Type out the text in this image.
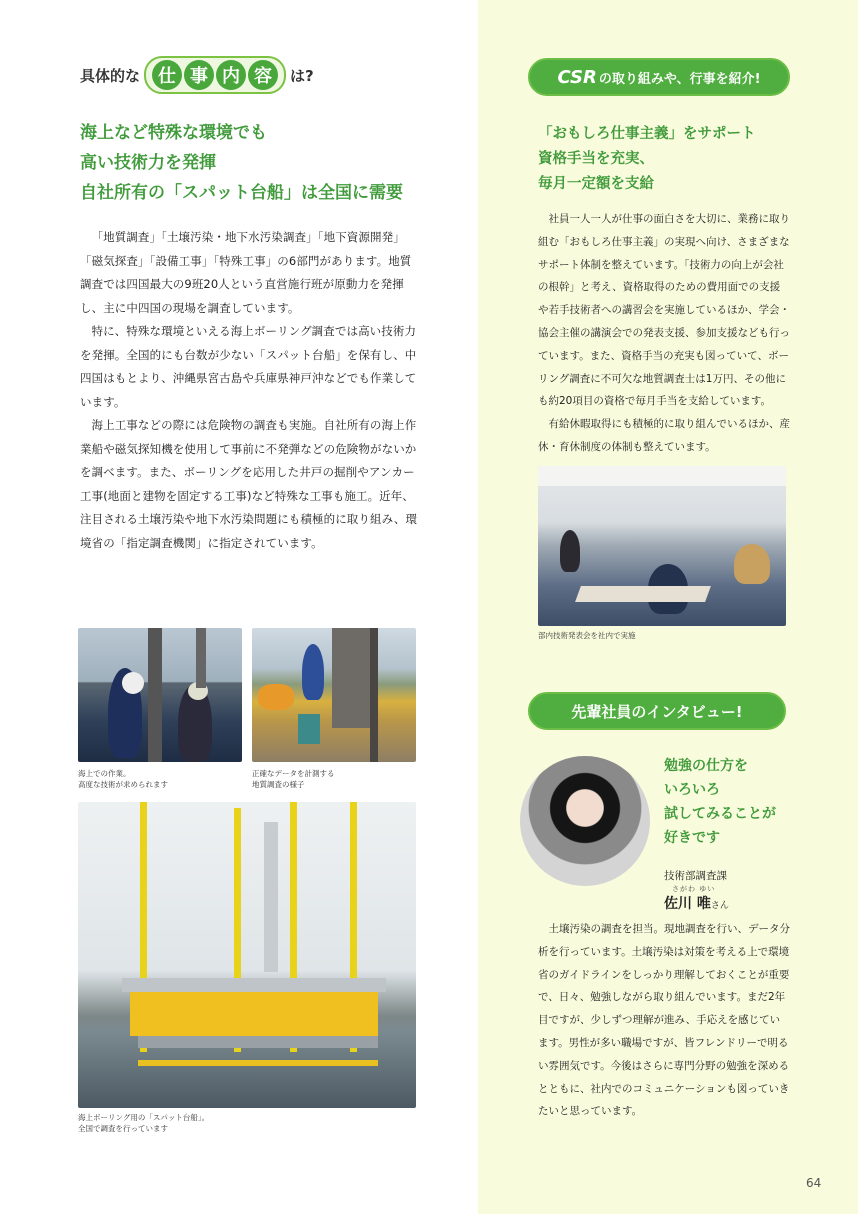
具体的な	仕 事 内 容	は?
海上など特殊な環境でも
高い技術力を発揮
自社所有の「スパット台船」は全国に需要

「地質調査」「土壌汚染・地下水汚染調査」「地下資源開発」「磁気探査」「設備工事」「特殊工事」の6部門があります。地質調査では四国最大の9班20人という直営施行班が原動力を発揮し、主に中四国の現場を調査しています。

特に、特殊な環境といえる海上ボーリング調査では高い技術力を発揮。全国的にも台数が少ない「スパット台船」を保有し、中四国はもとより、沖縄県宮古島や兵庫県神戸沖などでも作業しています。

海上工事などの際には危険物の調査も実施。自社所有の海上作業船や磁気探知機を使用して事前に不発弾などの危険物がないかを調べます。また、ボーリングを応用した井戸の掘削やアンカー工事(地面と建物を固定する工事)など特殊な工事も施工。近年、注目される土壌汚染や地下水汚染問題にも積極的に取り組み、環境省の「指定調査機関」に指定されています。

海上での作業。
高度な技術が求められます
正確なデータを計測する
地質調査の様子
海上ボーリング用の「スパット台船」。
全国で調査を行っています
CSR の取り組みや、行事を紹介!
「おもしろ仕事主義」をサポート
資格手当を充実、
毎月一定額を支給

社員一人一人が仕事の面白さを大切に、業務に取り組む「おもしろ仕事主義」の実現へ向け、さまざまなサポート体制を整えています。「技術力の向上が会社の根幹」と考え、資格取得のための費用面での支援や若手技術者への講習会を実施しているほか、学会・協会主催の講演会での発表支援、参加支援なども行っています。また、資格手当の充実も図っていて、ボーリング調査に不可欠な地質調査士は1万円、その他にも約20項目の資格で毎月手当を支給しています。

有給休暇取得にも積極的に取り組んでいるほか、産休・育休制度の体制も整えています。

部内技術発表会を社内で実施
先輩社員のインタビュー!
勉強の仕方を
いろいろ
試してみることが
好きです
技術部調査課
さがわ ゆい
佐川 唯さん

土壌汚染の調査を担当。現地調査を行い、データ分析を行っています。土壌汚染は対策を考える上で環境省のガイドラインをしっかり理解しておくことが重要で、日々、勉強しながら取り組んでいます。まだ2年目ですが、少しずつ理解が進み、手応えを感じています。男性が多い職場ですが、皆フレンドリーで明るい雰囲気です。今後はさらに専門分野の勉強を深めるとともに、社内でのコミュニケーションも図っていきたいと思っています。

64
